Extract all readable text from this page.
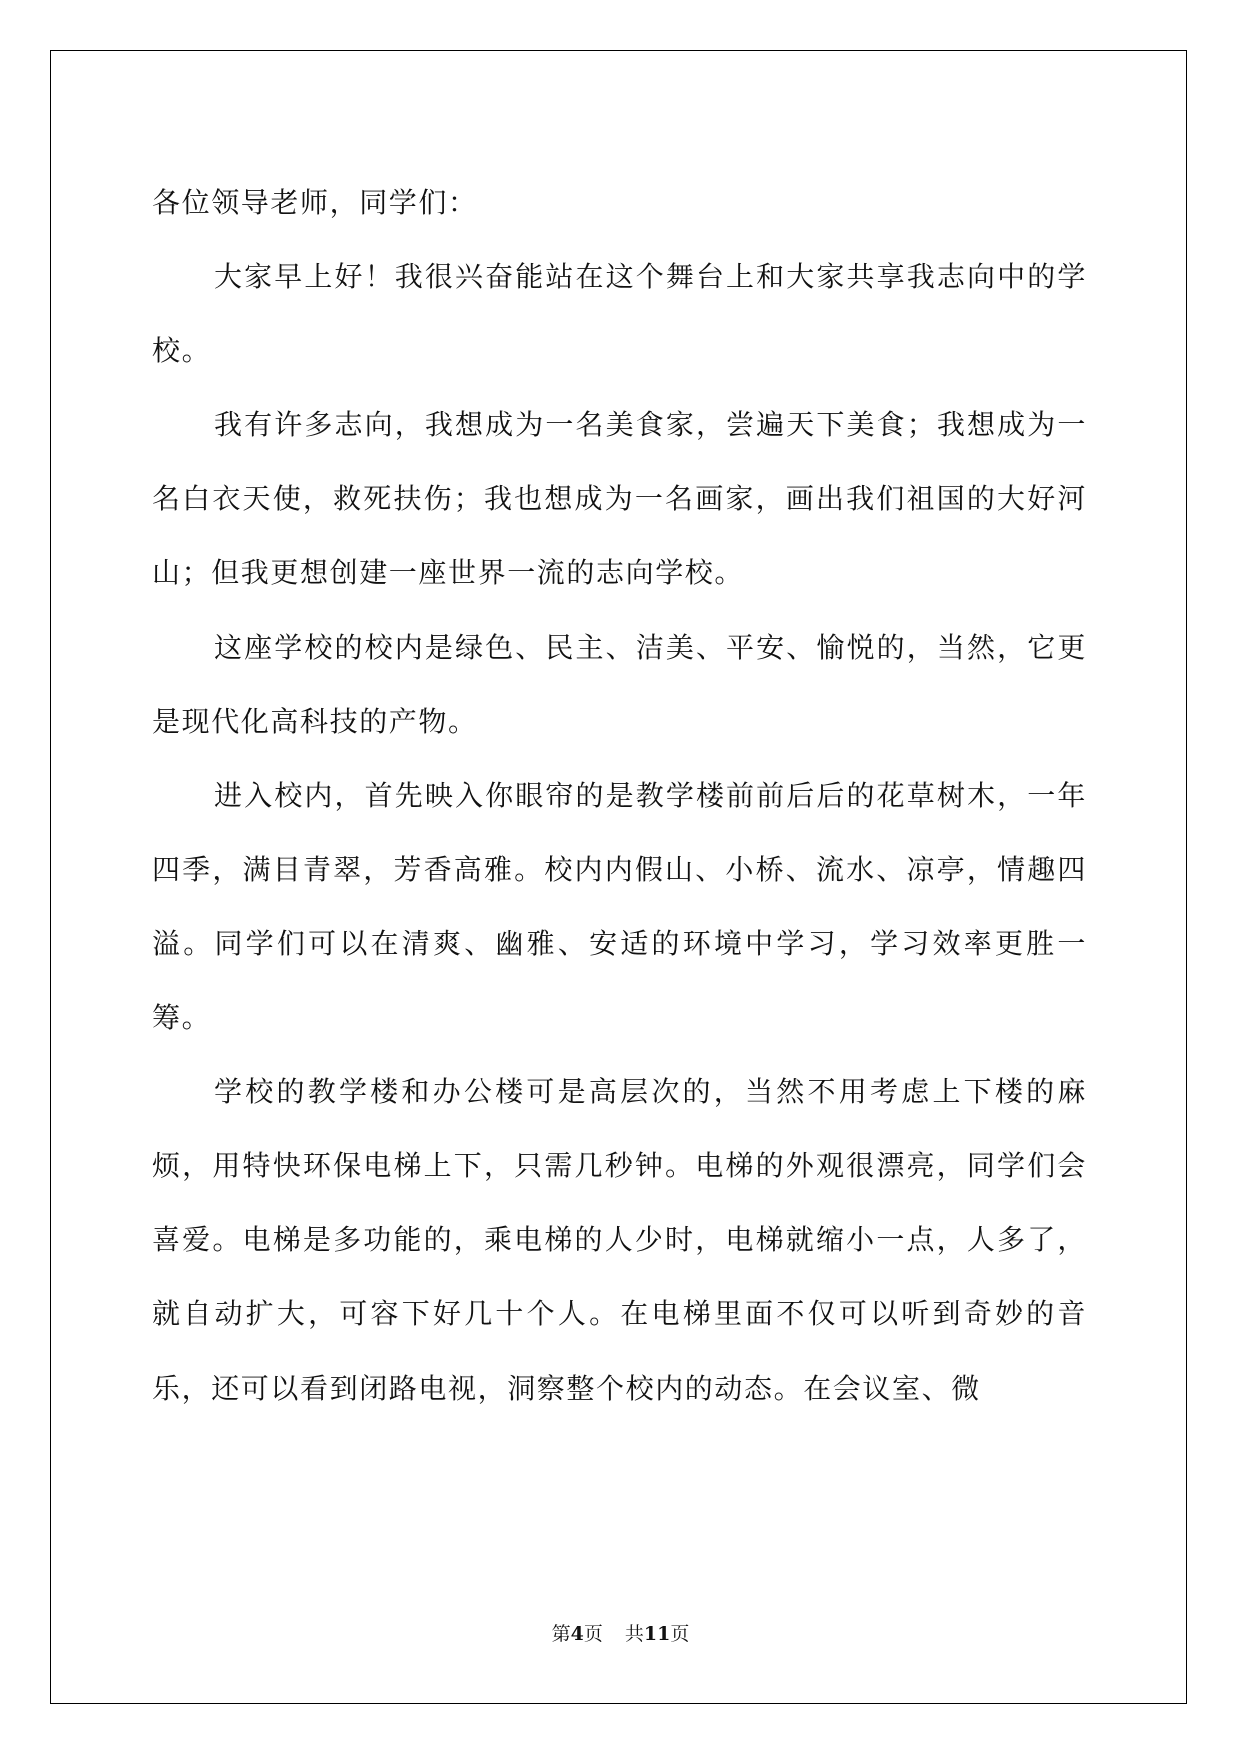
各位领导老师，同学们：

大家早上好！我很兴奋能站在这个舞台上和大家共享我志向中的学校。

我有许多志向，我想成为一名美食家，尝遍天下美食；我想成为一名白衣天使，救死扶伤；我也想成为一名画家，画出我们祖国的大好河山；但我更想创建一座世界一流的志向学校。

这座学校的校内是绿色、民主、洁美、平安、愉悦的，当然，它更是现代化高科技的产物。

进入校内，首先映入你眼帘的是教学楼前前后后的花草树木，一年四季，满目青翠，芳香高雅。校内内假山、小桥、流水、凉亭，情趣四溢。同学们可以在清爽、幽雅、安适的环境中学习，学习效率更胜一筹。

学校的教学楼和办公楼可是高层次的，当然不用考虑上下楼的麻烦，用特快环保电梯上下，只需几秒钟。电梯的外观很漂亮，同学们会喜爱。电梯是多功能的，乘电梯的人少时，电梯就缩小一点，人多了，就自动扩大，可容下好几十个人。在电梯里面不仅可以听到奇妙的音乐，还可以看到闭路电视，洞察整个校内的动态。在会议室、微

第4页 共11页
